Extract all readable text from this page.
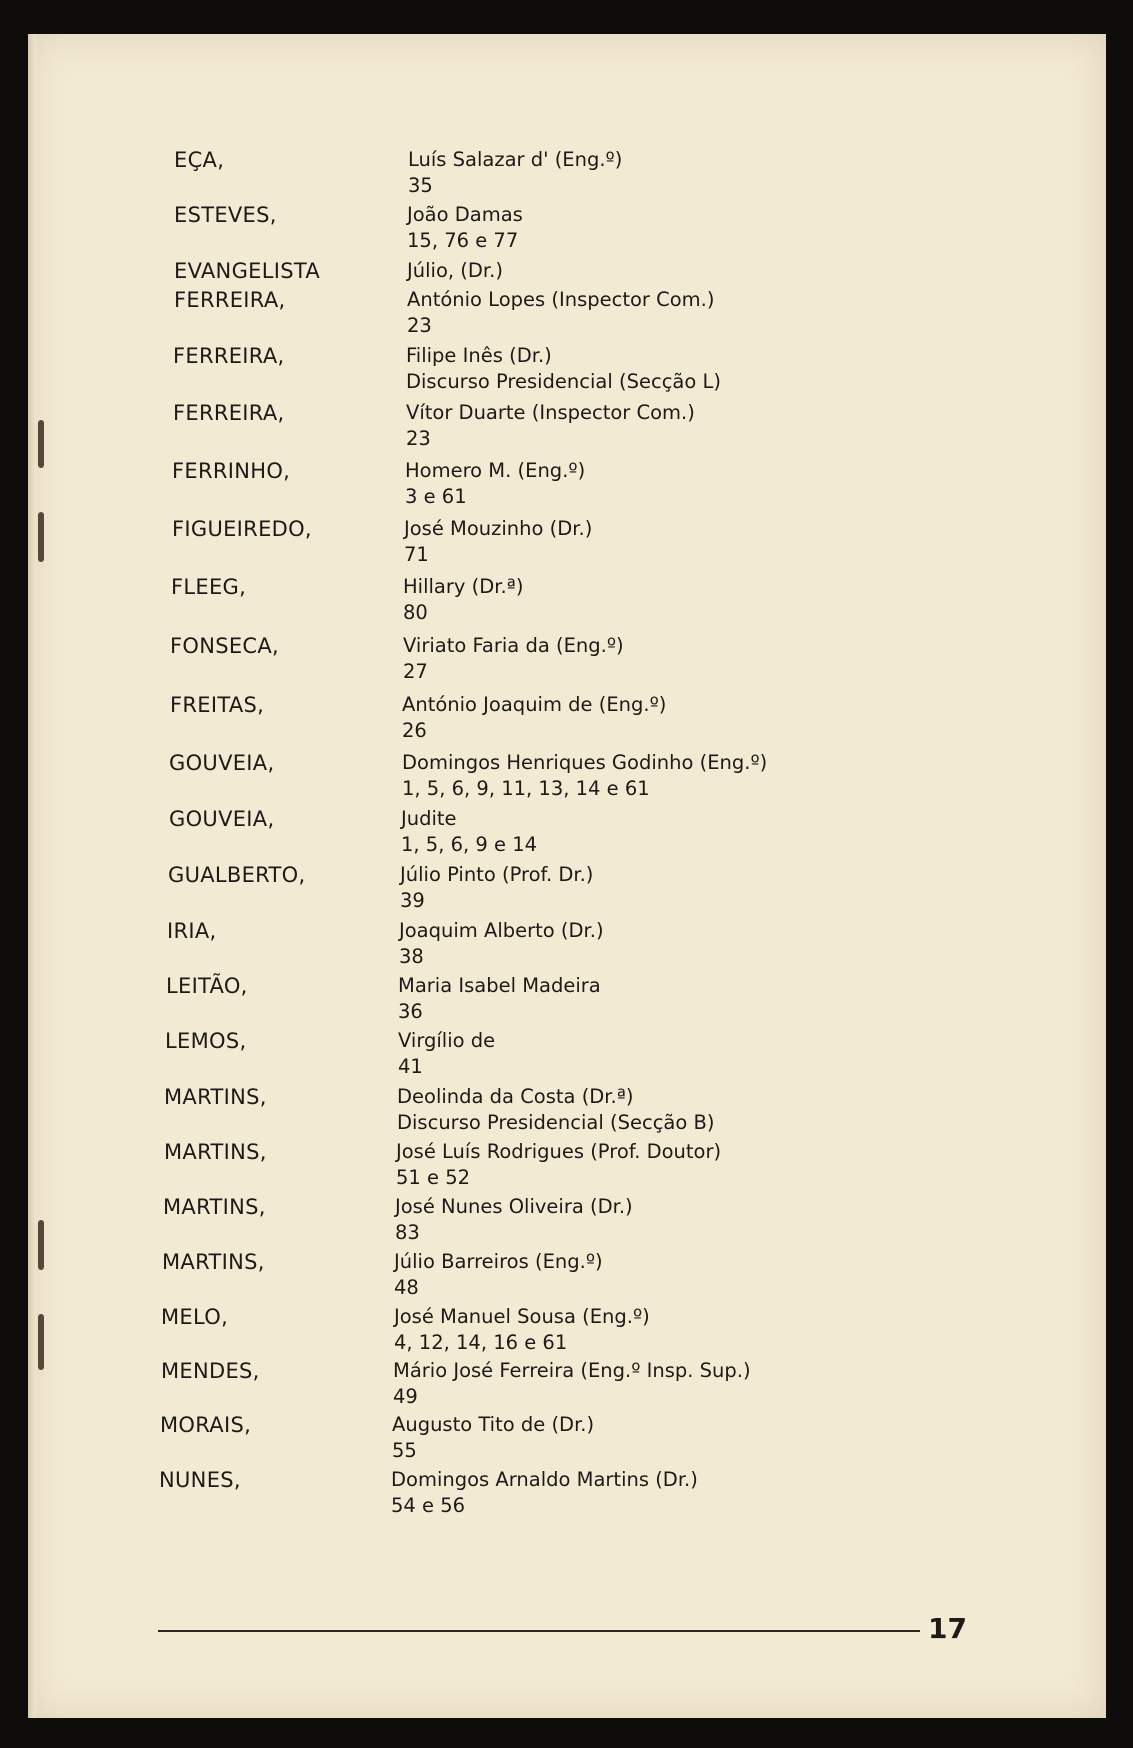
EÇA,	Luís Salazar d' (Eng.º)
35
ESTEVES,	João Damas
15, 76 e 77
EVANGELISTA	Júlio, (Dr.)
FERREIRA,	António Lopes (Inspector Com.)
23
FERREIRA,	Filipe Inês (Dr.)
Discurso Presidencial (Secção L)
FERREIRA,	Vítor Duarte (Inspector Com.)
23
FERRINHO,	Homero M. (Eng.º)
3 e 61
FIGUEIREDO,	José Mouzinho (Dr.)
71
FLEEG,	Hillary (Dr.ª)
80
FONSECA,	Viriato Faria da (Eng.º)
27
FREITAS,	António Joaquim de (Eng.º)
26
GOUVEIA,	Domingos Henriques Godinho (Eng.º)
1, 5, 6, 9, 11, 13, 14 e 61
GOUVEIA,	Judite
1, 5, 6, 9 e 14
GUALBERTO,	Júlio Pinto (Prof. Dr.)
39
IRIA,	Joaquim Alberto (Dr.)
38
LEITÃO,	Maria Isabel Madeira
36
LEMOS,	Virgílio de
41
MARTINS,	Deolinda da Costa (Dr.ª)
Discurso Presidencial (Secção B)
MARTINS,	José Luís Rodrigues (Prof. Doutor)
51 e 52
MARTINS,	José Nunes Oliveira (Dr.)
83
MARTINS,	Júlio Barreiros (Eng.º)
48
MELO,	José Manuel Sousa (Eng.º)
4, 12, 14, 16 e 61
MENDES,	Mário José Ferreira (Eng.º Insp. Sup.)
49
MORAIS,	Augusto Tito de (Dr.)
55
NUNES,	Domingos Arnaldo Martins (Dr.)
54 e 56
17
